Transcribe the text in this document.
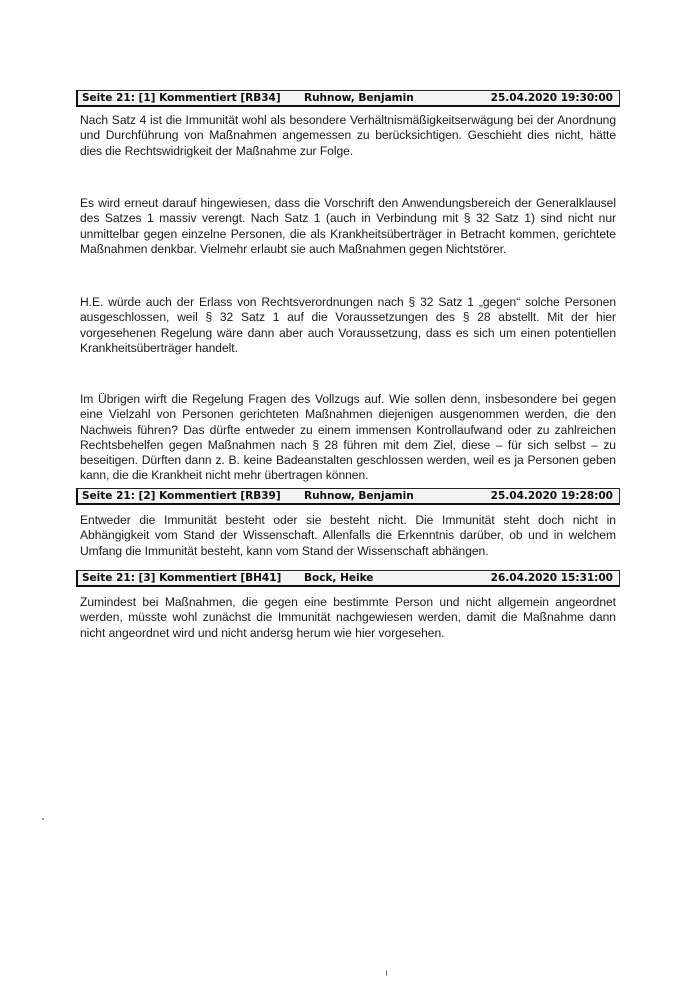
Seite 21: [1] Kommentiert [RB34] Ruhnow, Benjamin	25.04.2020 19:30:00

Nach Satz 4 ist die Immunität wohl als besondere Verhältnismäßigkeitserwägung bei der Anordnung und Durchführung von Maßnahmen angemessen zu berücksichtigen. Geschieht dies nicht, hätte dies die Rechtswidrigkeit der Maßnahme zur Folge.

Es wird erneut darauf hingewiesen, dass die Vorschrift den Anwendungsbereich der Generalklausel des Satzes 1 massiv verengt. Nach Satz 1 (auch in Verbindung mit § 32 Satz 1) sind nicht nur unmittelbar gegen einzelne Personen, die als Krankheitsüberträger in Betracht kommen, gerichtete Maßnahmen denkbar. Vielmehr erlaubt sie auch Maßnahmen gegen Nichtstörer.

H.E. würde auch der Erlass von Rechtsverordnungen nach § 32 Satz 1 „gegen“ solche Personen ausgeschlossen, weil § 32 Satz 1 auf die Voraussetzungen des § 28 abstellt. Mit der hier vorgesehenen Regelung wäre dann aber auch Voraussetzung, dass es sich um einen potentiellen Krankheitsüberträger handelt.

Im Übrigen wirft die Regelung Fragen des Vollzugs auf. Wie sollen denn, insbesondere bei gegen eine Vielzahl von Personen gerichteten Maßnahmen diejenigen ausgenommen werden, die den Nachweis führen? Das dürfte entweder zu einem immensen Kontrollaufwand oder zu zahlreichen Rechtsbehelfen gegen Maßnahmen nach § 28 führen mit dem Ziel, diese – für sich selbst – zu beseitigen. Dürften dann z. B. keine Badeanstalten geschlossen werden, weil es ja Personen geben kann, die die Krankheit nicht mehr übertragen können.

Seite 21: [2] Kommentiert [RB39] Ruhnow, Benjamin	25.04.2020 19:28:00

Entweder die Immunität besteht oder sie besteht nicht. Die Immunität steht doch nicht in Abhängigkeit vom Stand der Wissenschaft. Allenfalls die Erkenntnis darüber, ob und in welchem Umfang die Immunität besteht, kann vom Stand der Wissenschaft abhängen.

Seite 21: [3] Kommentiert [BH41] Bock, Heike	26.04.2020 15:31:00

Zumindest bei Maßnahmen, die gegen eine bestimmte Person und nicht allgemein angeordnet werden, müsste wohl zunächst die Immunität nachgewiesen werden, damit die Maßnahme dann nicht angeordnet wird und nicht andersg herum wie hier vorgesehen.
